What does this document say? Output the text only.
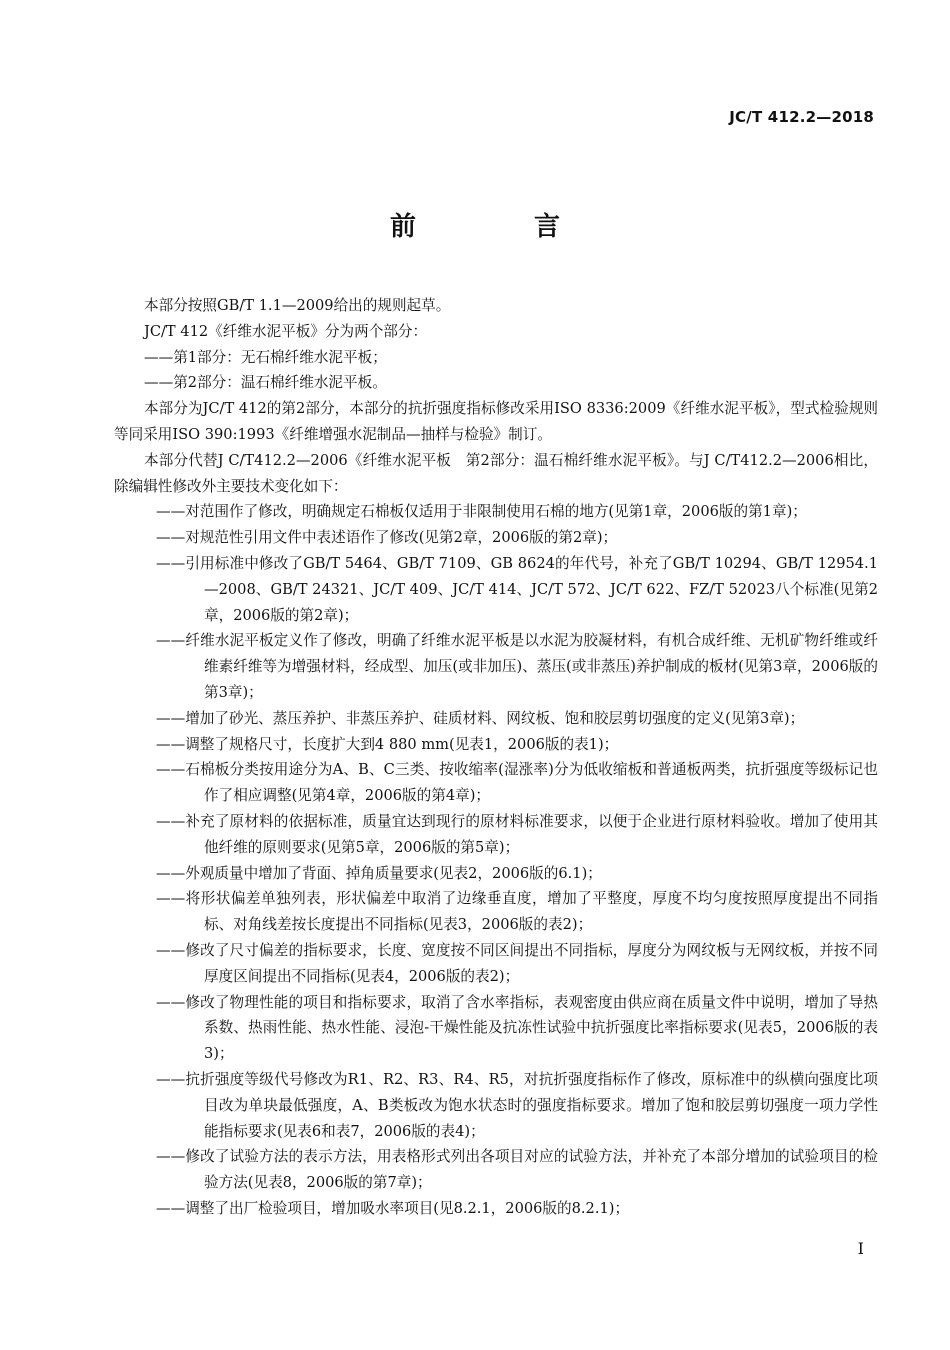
JC/T 412.2—2018
前　言

本部分按照GB/T 1.1—2009给出的规则起草。

JC/T 412《纤维水泥平板》分为两个部分：

——第1部分：无石棉纤维水泥平板；

——第2部分：温石棉纤维水泥平板。

本部分为JC/T 412的第2部分，本部分的抗折强度指标修改采用ISO 8336:2009《纤维水泥平板》，型式检验规则等同采用ISO 390:1993《纤维增强水泥制品—抽样与检验》制订。

本部分代替J C/T412.2—2006《纤维水泥平板　第2部分：温石棉纤维水泥平板》。与J C/T412.2—2006相比，除编辑性修改外主要技术变化如下：

——对范围作了修改，明确规定石棉板仅适用于非限制使用石棉的地方(见第1章，2006版的第1章)；

——对规范性引用文件中表述语作了修改(见第2章，2006版的第2章)；

——引用标准中修改了GB/T 5464、GB/T 7109、GB 8624的年代号，补充了GB/T 10294、GB/T 12954.1—2008、GB/T 24321、JC/T 409、JC/T 414、JC/T 572、JC/T 622、FZ/T 52023八个标准(见第2章，2006版的第2章)；

——纤维水泥平板定义作了修改，明确了纤维水泥平板是以水泥为胶凝材料，有机合成纤维、无机矿物纤维或纤维素纤维等为增强材料，经成型、加压(或非加压)、蒸压(或非蒸压)养护制成的板材(见第3章，2006版的第3章)；

——增加了砂光、蒸压养护、非蒸压养护、硅质材料、网纹板、饱和胶层剪切强度的定义(见第3章)；

——调整了规格尺寸，长度扩大到4 880 mm(见表1，2006版的表1)；

——石棉板分类按用途分为A、B、C三类、按收缩率(湿涨率)分为低收缩板和普通板两类，抗折强度等级标记也作了相应调整(见第4章，2006版的第4章)；

——补充了原材料的依据标准，质量宜达到现行的原材料标准要求，以便于企业进行原材料验收。增加了使用其他纤维的原则要求(见第5章，2006版的第5章)；

——外观质量中增加了背面、掉角质量要求(见表2，2006版的6.1)；

——将形状偏差单独列表，形状偏差中取消了边缘垂直度，增加了平整度，厚度不均匀度按照厚度提出不同指标、对角线差按长度提出不同指标(见表3，2006版的表2)；

——修改了尺寸偏差的指标要求，长度、宽度按不同区间提出不同指标，厚度分为网纹板与无网纹板，并按不同厚度区间提出不同指标(见表4，2006版的表2)；

——修改了物理性能的项目和指标要求，取消了含水率指标，表观密度由供应商在质量文件中说明，增加了导热系数、热雨性能、热水性能、浸泡-干燥性能及抗冻性试验中抗折强度比率指标要求(见表5，2006版的表3)；

——抗折强度等级代号修改为R1、R2、R3、R4、R5，对抗折强度指标作了修改，原标准中的纵横向强度比项目改为单块最低强度，A、B类板改为饱水状态时的强度指标要求。增加了饱和胶层剪切强度一项力学性能指标要求(见表6和表7，2006版的表4)；

——修改了试验方法的表示方法，用表格形式列出各项目对应的试验方法，并补充了本部分增加的试验项目的检验方法(见表8，2006版的第7章)；

——调整了出厂检验项目，增加吸水率项目(见8.2.1，2006版的8.2.1)；

I
